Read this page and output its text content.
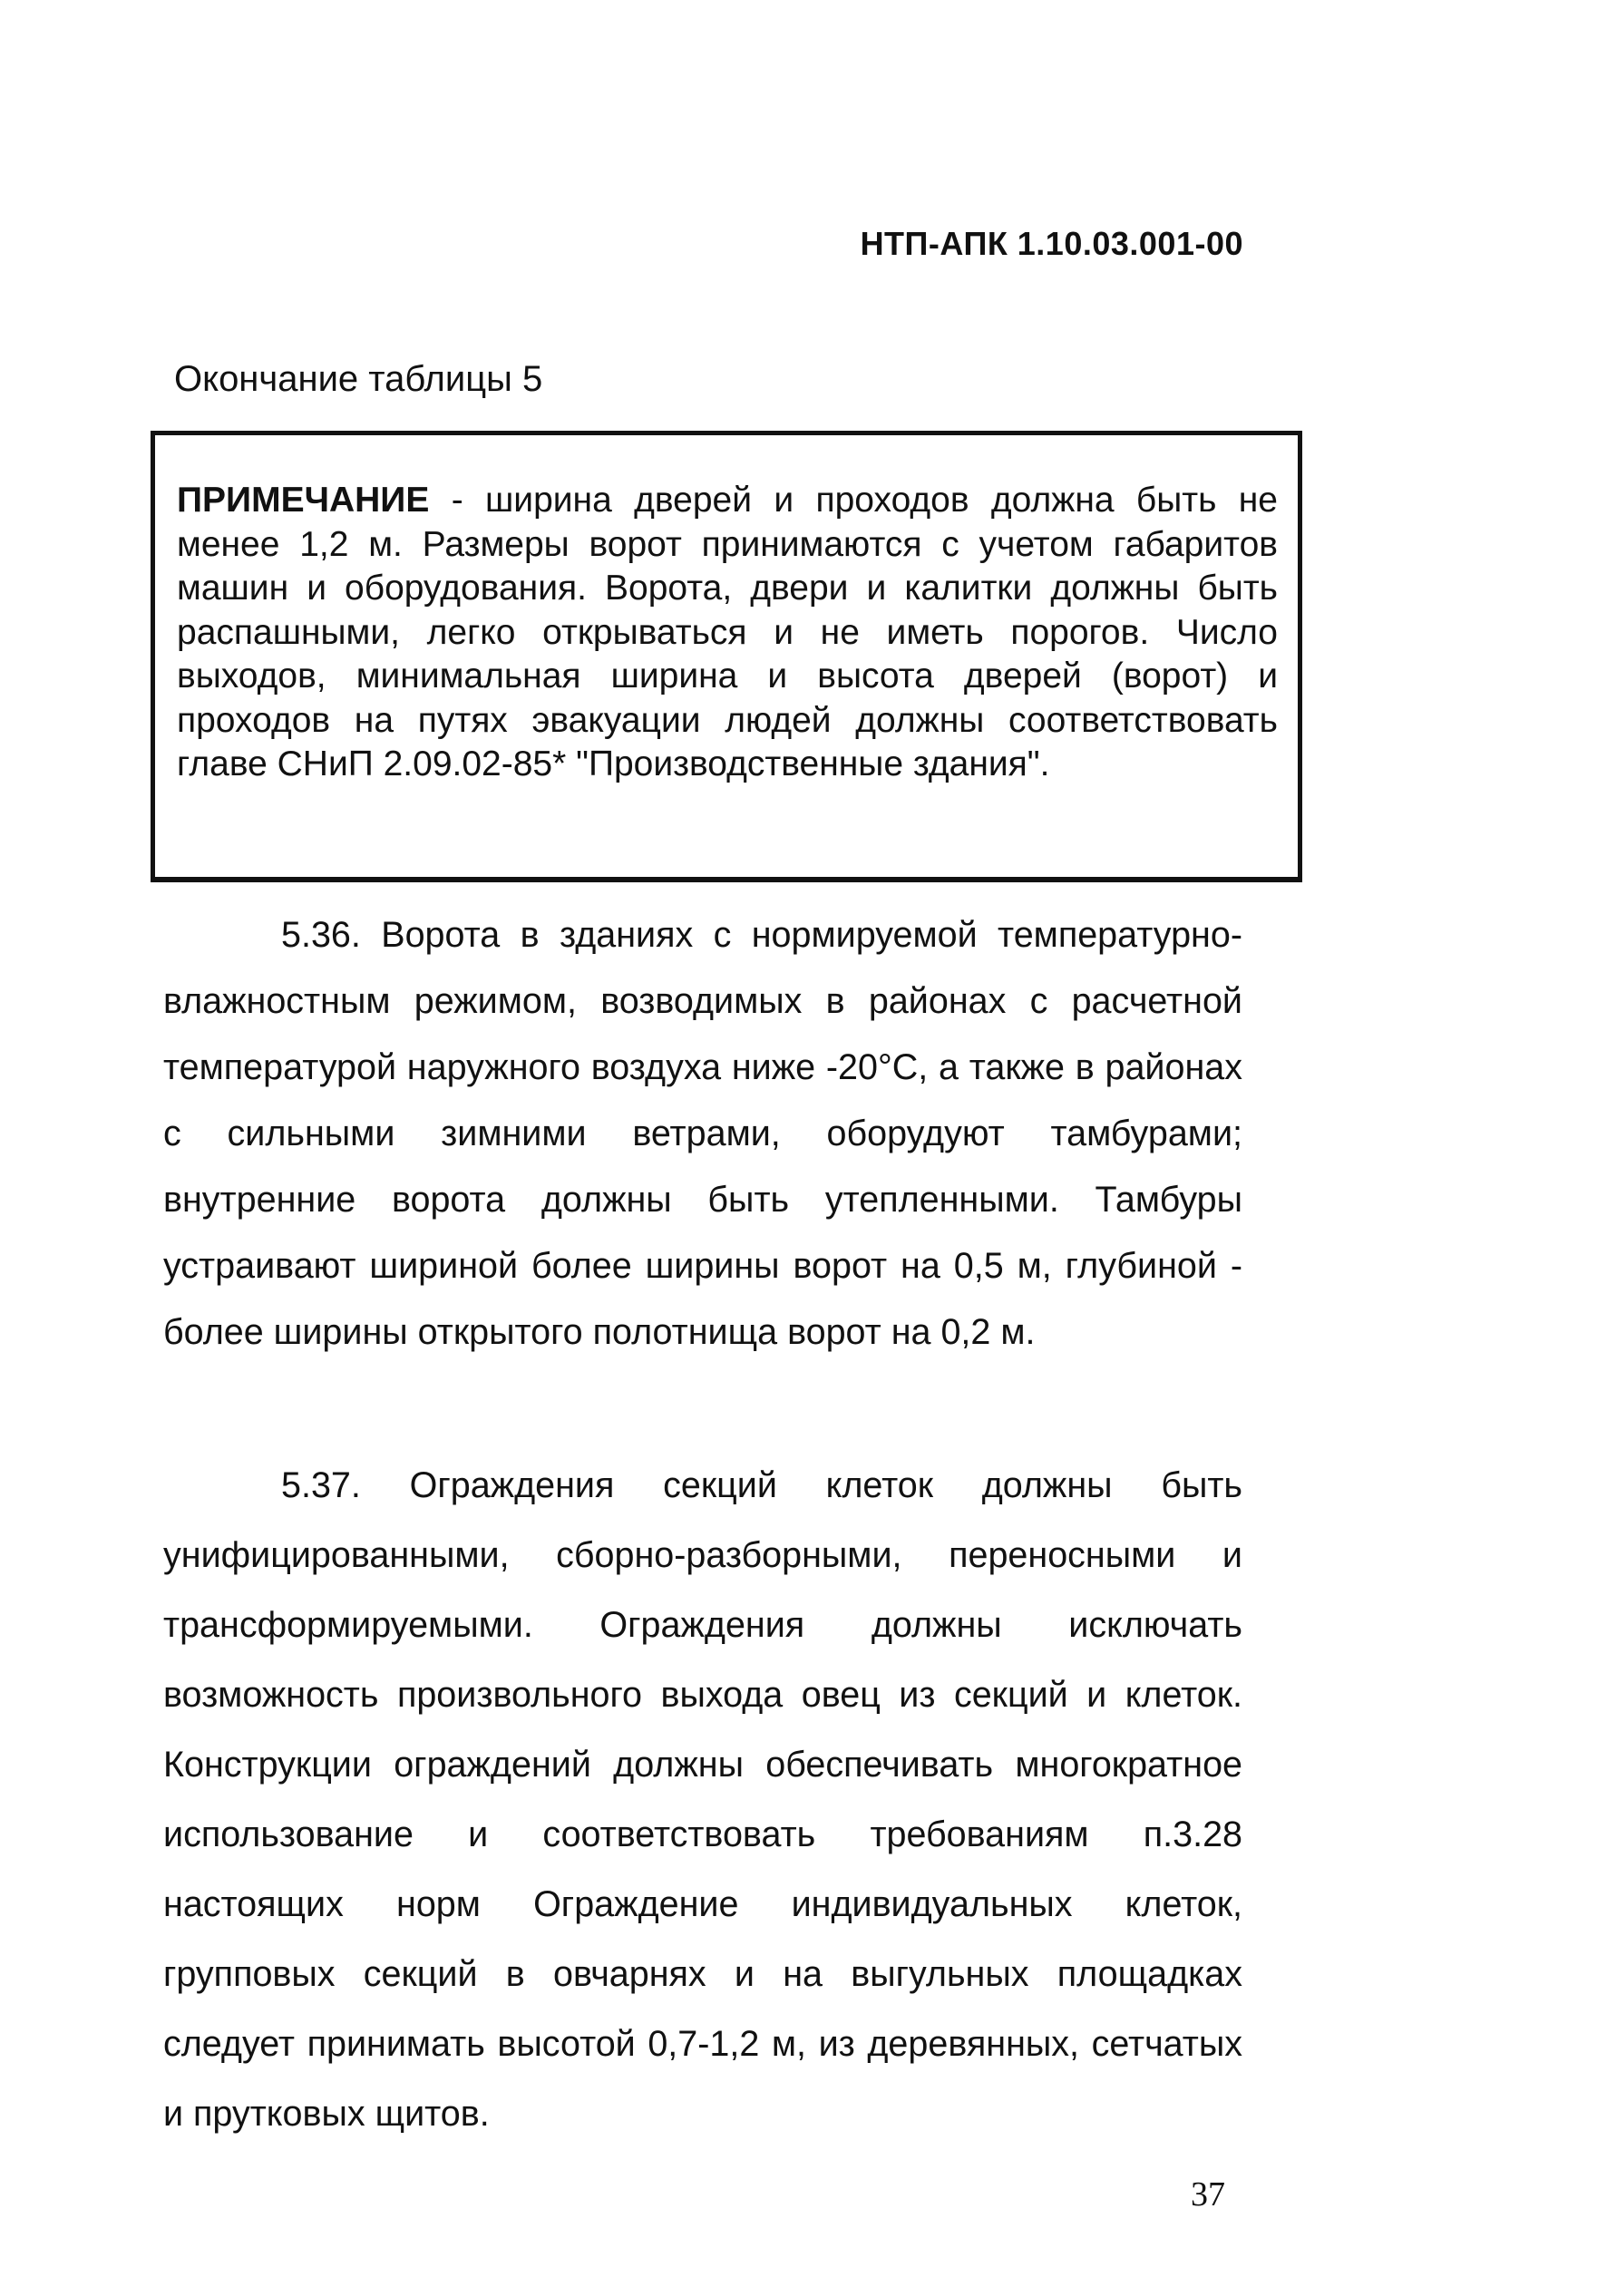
НТП-АПК 1.10.03.001-00
Окончание таблицы 5
ПРИМЕЧАНИЕ - ширина дверей и проходов должна быть не менее 1,2 м. Размеры ворот принимаются с учетом габаритов машин и оборудования. Ворота, двери и калитки должны быть распашными, легко открываться и не иметь порогов. Число выходов, минимальная ширина и высота дверей (ворот) и проходов на путях эвакуации людей должны соответствовать главе СНиП 2.09.02-85* "Производственные здания".
5.36. Ворота в зданиях с нормируемой температурно-влажностным режимом, возводимых в районах с расчетной температурой наружного воздуха ниже -20°С, а также в районах с сильными зимними ветрами, оборудуют тамбурами; внутренние ворота должны быть утепленными. Тамбуры устраивают шириной более ширины ворот на 0,5 м, глубиной - более ширины открытого полотнища ворот на 0,2 м.
5.37. Ограждения секций клеток должны быть унифицированными, сборно-разборными, переносными и трансформируемыми. Ограждения должны исключать возможность произвольного выхода овец из секций и клеток. Конструкции ограждений должны обеспечивать многократное использование и соответствовать требованиям п.3.28 настоящих норм Ограждение индивидуальных клеток, групповых секций в овчарнях и на выгульных площадках следует принимать высотой 0,7-1,2 м, из деревянных, сетчатых и прутковых щитов.
37
